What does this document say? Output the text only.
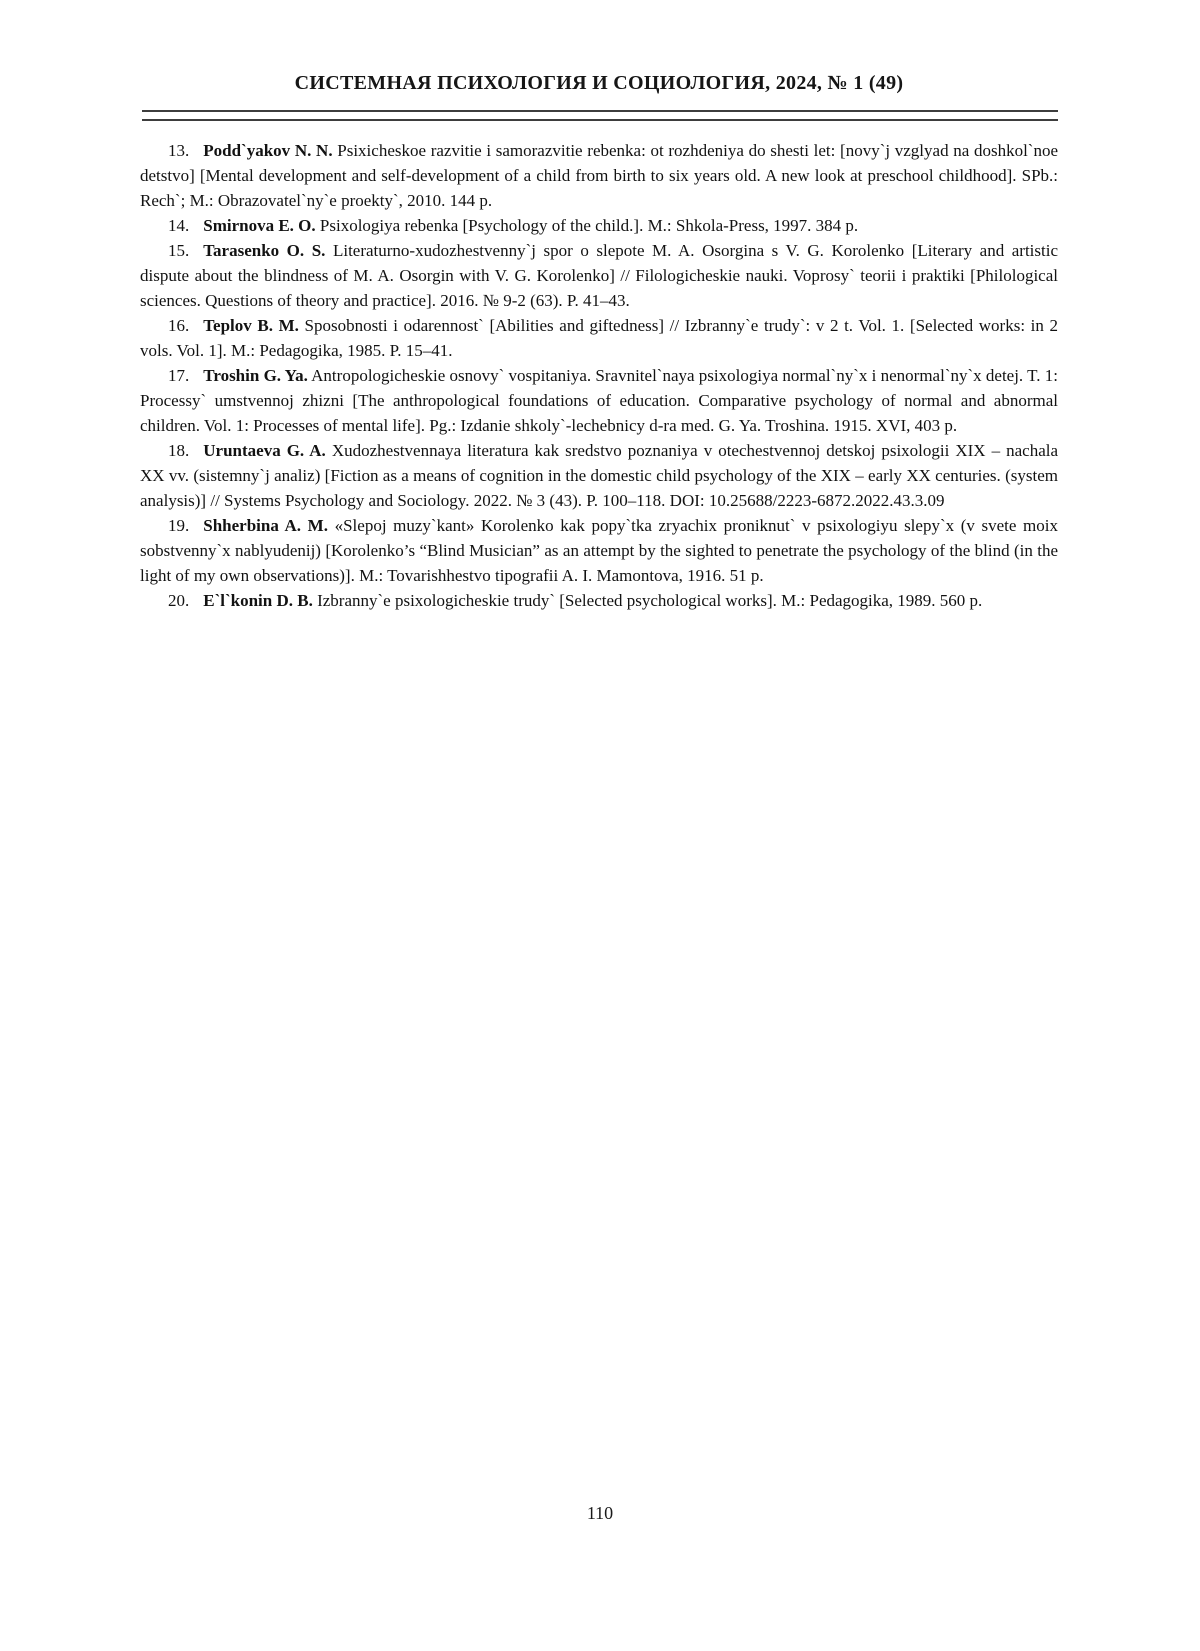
СИСТЕМНАЯ ПСИХОЛОГИЯ И СОЦИОЛОГИЯ, 2024, № 1 (49)

13. Podd`yakov N. N. Psixicheskoe razvitie i samorazvitie rebenka: ot rozhdeniya do shesti let: [novy`j vzglyad na doshkol`noe detstvo] [Mental development and self-development of a child from birth to six years old. A new look at preschool childhood]. SPb.: Rech`; M.: Obrazovatel`ny`e proekty`, 2010. 144 p.

14. Smirnova E. O. Psixologiya rebenka [Psychology of the child.]. M.: Shkola-Press, 1997. 384 p.

15. Tarasenko O. S. Literaturno-xudozhestvenny`j spor o slepote M. A. Osorgina s V. G. Korolenko [Literary and artistic dispute about the blindness of M. A. Osorgin with V. G. Korolenko] // Filologicheskie nauki. Voprosy` teorii i praktiki [Philological sciences. Questions of theory and practice]. 2016. № 9-2 (63). P. 41–43.

16. Teplov B. M. Sposobnosti i odarennost` [Abilities and giftedness] // Izbranny`e trudy`: v 2 t. Vol. 1. [Selected works: in 2 vols. Vol. 1]. M.: Pedagogika, 1985. P. 15–41.

17. Troshin G. Ya. Antropologicheskie osnovy` vospitaniya. Sravnitel`naya psixologiya normal`ny`x i nenormal`ny`x detej. T. 1: Processy` umstvennoj zhizni [The anthropological foundations of education. Comparative psychology of normal and abnormal children. Vol. 1: Processes of mental life]. Pg.: Izdanie shkoly`-lechebnicy d-ra med. G. Ya. Troshina. 1915. XVI, 403 p.

18. Uruntaeva G. A. Xudozhestvennaya literatura kak sredstvo poznaniya v otechestvennoj detskoj psixologii XIX – nachala XX vv. (sistemny`j analiz) [Fiction as a means of cognition in the domestic child psychology of the XIX – early XX centuries. (system analysis)] // Systems Psychology and Sociology. 2022. № 3 (43). P. 100–118. DOI: 10.25688/2223-6872.2022.43.3.09

19. Shherbina A. M. «Slepoj muzy`kant» Korolenko kak popy`tka zryachix proniknut` v psixologiyu slepy`x (v svete moix sobstvenny`x nablyudenij) [Korolenko’s “Blind Musician” as an attempt by the sighted to penetrate the psychology of the blind (in the light of my own observations)]. M.: Tovarishhestvo tipografii A. I. Mamontova, 1916. 51 p.

20. E`l`konin D. B. Izbranny`e psixologicheskie trudy` [Selected psychological works]. M.: Pedagogika, 1989. 560 p.

110
